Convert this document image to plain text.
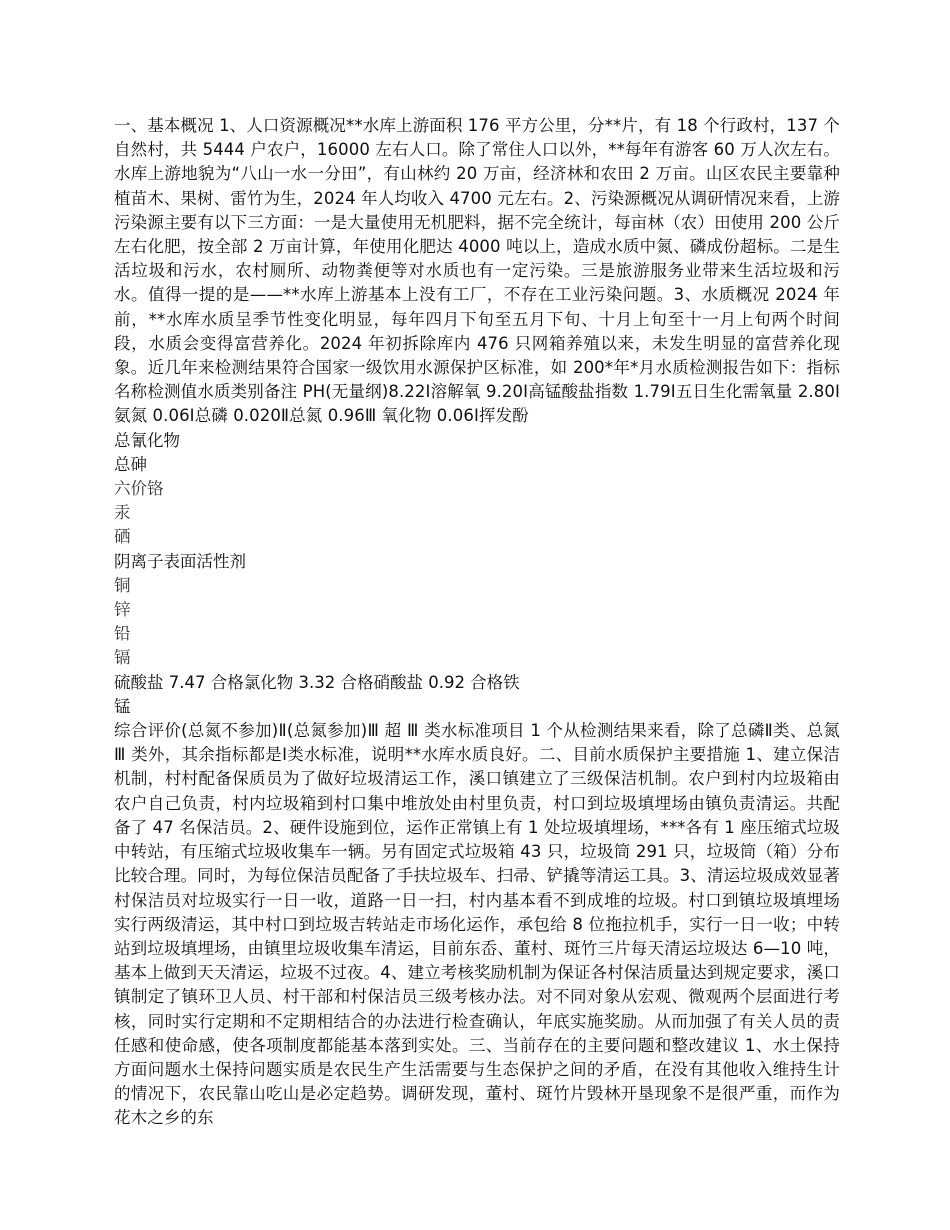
一、基本概况 1、人口资源概况**水库上游面积 176 平方公里，分**片，有 18 个行政村，137 个自然村，共 5444 户农户，16000 左右人口。除了常住人口以外，**每年有游客 60 万人次左右。水库上游地貌为“八山一水一分田”，有山林约 20 万亩，经济林和农田 2 万亩。山区农民主要靠种植苗木、果树、雷竹为生，2024 年人均收入 4700 元左右。2、污染源概况从调研情况来看，上游污染源主要有以下三方面：一是大量使用无机肥料，据不完全统计，每亩林（农）田使用 200 公斤左右化肥，按全部 2 万亩计算，年使用化肥达 4000 吨以上，造成水质中氮、磷成份超标。二是生活垃圾和污水，农村厕所、动物粪便等对水质也有一定污染。三是旅游服务业带来生活垃圾和污水。值得一提的是——**水库上游基本上没有工厂，不存在工业污染问题。3、水质概况 2024 年前，**水库水质呈季节性变化明显，每年四月下旬至五月下旬、十月上旬至十一月上旬两个时间段，水质会变得富营养化。2024 年初拆除库内 476 只网箱养殖以来，未发生明显的富营养化现象。近几年来检测结果符合国家一级饮用水源保护区标准，如 200*年*月水质检测报告如下：指标名称检测值水质类别备注 PH(无量纲)8.22Ⅰ溶解氧 9.20Ⅰ高锰酸盐指数 1.79Ⅰ五日生化需氧量 2.80Ⅰ氨氮 0.06Ⅰ总磷 0.020Ⅱ总氮 0.96Ⅲ 氧化物 0.06Ⅰ挥发酚

总氰化物

总砷

六价铬

汞

硒

阴离子表面活性剂

铜

锌

铅

镉

硫酸盐 7.47 合格氯化物 3.32 合格硝酸盐 0.92 合格铁

锰

综合评价(总氮不参加)Ⅱ(总氮参加)Ⅲ 超 Ⅲ 类水标准项目 1 个从检测结果来看，除了总磷Ⅱ类、总氮 Ⅲ 类外，其余指标都是Ⅰ类水标准，说明**水库水质良好。二、目前水质保护主要措施 1、建立保洁机制，村村配备保质员为了做好垃圾清运工作，溪口镇建立了三级保洁机制。农户到村内垃圾箱由农户自己负责，村内垃圾箱到村口集中堆放处由村里负责，村口到垃圾填埋场由镇负责清运。共配备了 47 名保洁员。2、硬件设施到位，运作正常镇上有 1 处垃圾填埋场，***各有 1 座压缩式垃圾中转站，有压缩式垃圾收集车一辆。另有固定式垃圾箱 43 只，垃圾筒 291 只，垃圾筒（箱）分布比较合理。同时，为每位保洁员配备了手扶垃圾车、扫帚、铲撬等清运工具。3、清运垃圾成效显著村保洁员对垃圾实行一日一收，道路一日一扫，村内基本看不到成堆的垃圾。村口到镇垃圾填埋场实行两级清运，其中村口到垃圾吉转站走市场化运作，承包给 8 位拖拉机手，实行一日一收；中转站到垃圾填埋场，由镇里垃圾收集车清运，目前东岙、董村、斑竹三片每天清运垃圾达 6—10 吨，基本上做到天天清运，垃圾不过夜。4、建立考核奖励机制为保证各村保洁质量达到规定要求，溪口镇制定了镇环卫人员、村干部和村保洁员三级考核办法。对不同对象从宏观、微观两个层面进行考核，同时实行定期和不定期相结合的办法进行检查确认，年底实施奖励。从而加强了有关人员的责任感和使命感，使各项制度都能基本落到实处。三、当前存在的主要问题和整改建议 1、水土保持方面问题水土保持问题实质是农民生产生活需要与生态保护之间的矛盾，在没有其他收入维持生计的情况下，农民靠山吃山是必定趋势。调研发现，董村、斑竹片毁林开垦现象不是很严重，而作为花木之乡的东
